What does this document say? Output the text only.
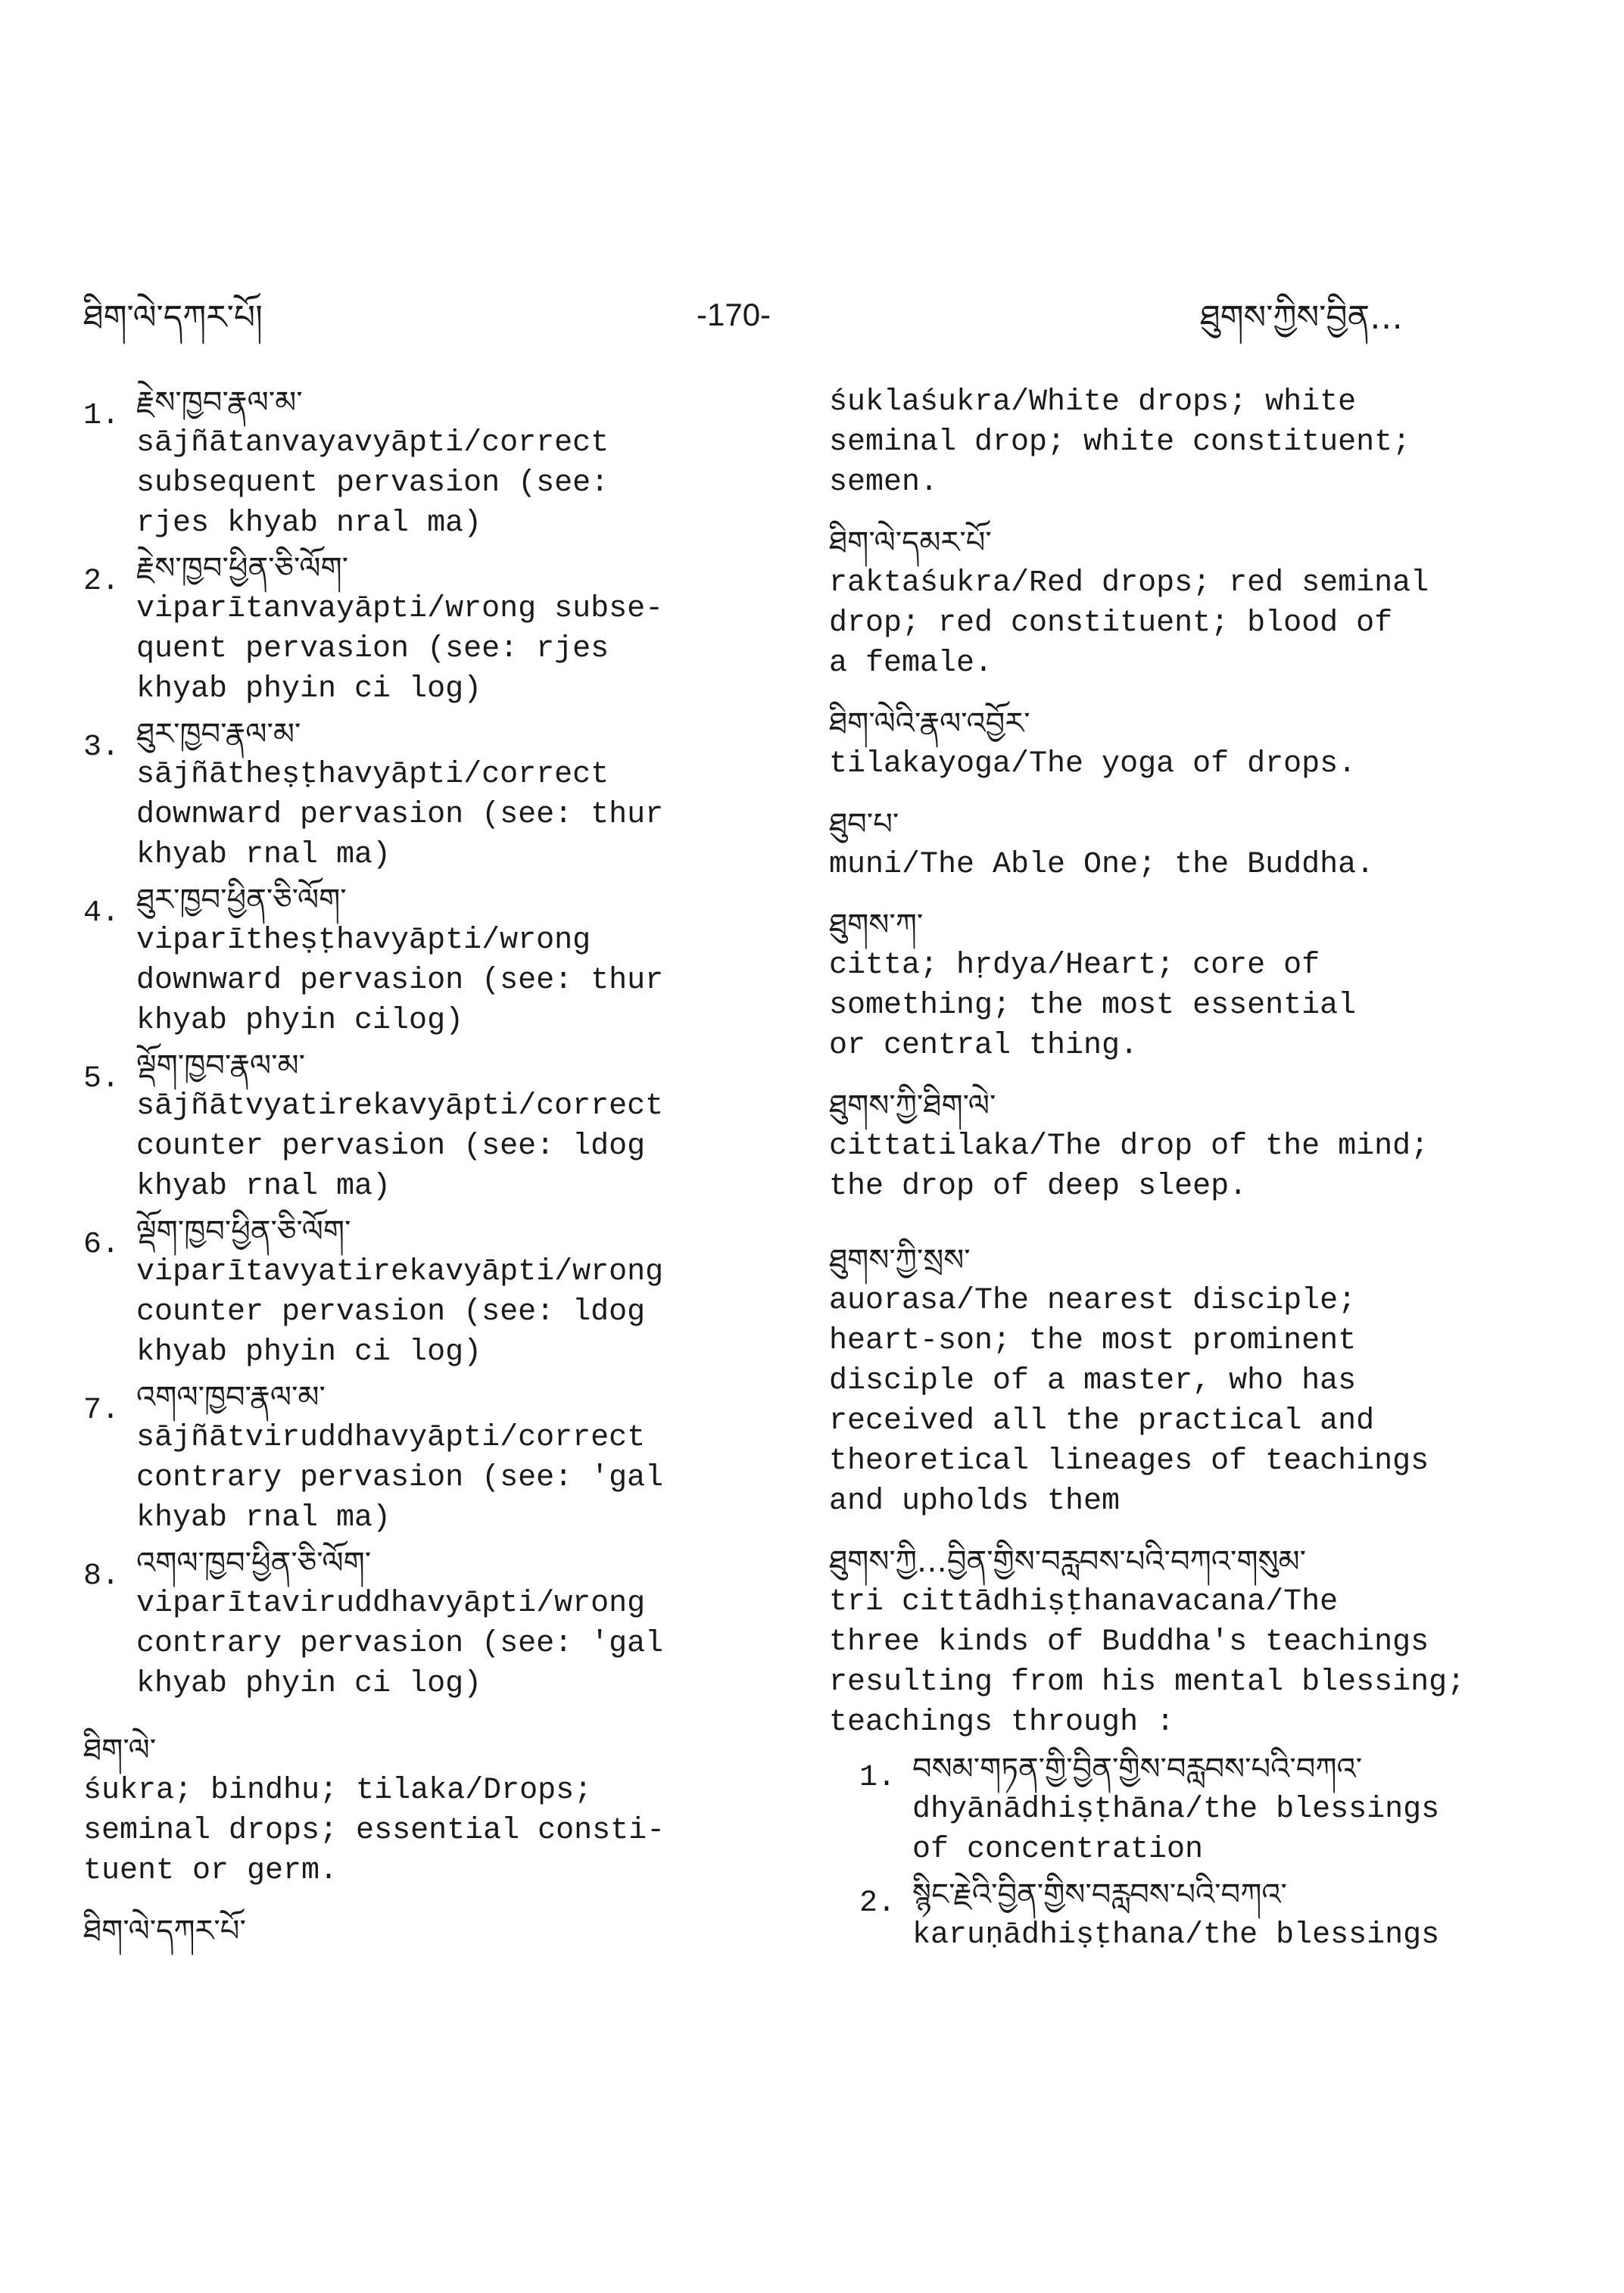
ཐིག་ལེ་དཀར་པོ།	-170-	ཐུགས་ཀྱིས་བྱིན…
1. རྗེས་ཁྱབ་རྣལ་མ་
sājñātanvayavyāpti/correct
subsequent pervasion (see:
rjes khyab nral ma)
2. རྗེས་ཁྱབ་ཕྱིན་ཅི་ལོག་
viparītanvayāpti/wrong subse-
quent pervasion (see: rjes
khyab phyin ci log)
3. ཐུར་ཁྱབ་རྣལ་མ་
sājñātheṣṭhavyāpti/correct
downward pervasion (see: thur
khyab rnal ma)
4. ཐུར་ཁྱབ་ཕྱིན་ཅི་ལོག་
viparītheṣṭhavyāpti/wrong
downward pervasion (see: thur
khyab phyin cilog)
5. ལྡོག་ཁྱབ་རྣལ་མ་
sājñātvyatirekavyāpti/correct
counter pervasion (see: ldog
khyab rnal ma)
6. ལྡོག་ཁྱབ་ཕྱིན་ཅི་ལོག་
viparītavyatirekavyāpti/wrong
counter pervasion (see: ldog
khyab phyin ci log)
7. འགལ་ཁྱབ་རྣལ་མ་
sājñātviruddhavyāpti/correct
contrary pervasion (see: 'gal
khyab rnal ma)
8. འགལ་ཁྱབ་ཕྱིན་ཅི་ལོག་
viparītaviruddhavyāpti/wrong
contrary pervasion (see: 'gal
khyab phyin ci log)
ཐིག་ལེ་
śukra; bindhu; tilaka/Drops;
seminal drops; essential consti-
tuent or germ.
ཐིག་ལེ་དཀར་པོ་
śuklaśukra/White drops; white
seminal drop; white constituent;
semen.
ཐིག་ལེ་དམར་པོ་
raktaśukra/Red drops; red seminal
drop; red constituent; blood of
a female.
ཐིག་ལེའི་རྣལ་འབྱོར་
tilakayoga/The yoga of drops.
ཐུབ་པ་
muni/The Able One; the Buddha.
ཐུགས་ཀ་
citta; hṛdya/Heart; core of
something; the most essential
or central thing.
ཐུགས་ཀྱི་ཐིག་ལེ་
cittatilaka/The drop of the mind;
the drop of deep sleep.
ཐུགས་ཀྱི་སྲས་
auorasa/The nearest disciple;
heart-son; the most prominent
disciple of a master, who has
received all the practical and
theoretical lineages of teachings
and upholds them
ཐུགས་ཀྱི…བྱིན་གྱིས་བརླབས་པའི་བཀའ་གསུམ་
tri cittādhiṣṭhanavacana/The
three kinds of Buddha's teachings
resulting from his mental blessing;
teachings through :
1. བསམ་གཏན་གྱི་བྱིན་གྱིས་བརླབས་པའི་བཀའ་
dhyānādhiṣṭhāna/the blessings
of concentration
2. སྙིང་རྗེའི་བྱིན་གྱིས་བརླབས་པའི་བཀའ་
karuṇādhiṣṭhana/the blessings
